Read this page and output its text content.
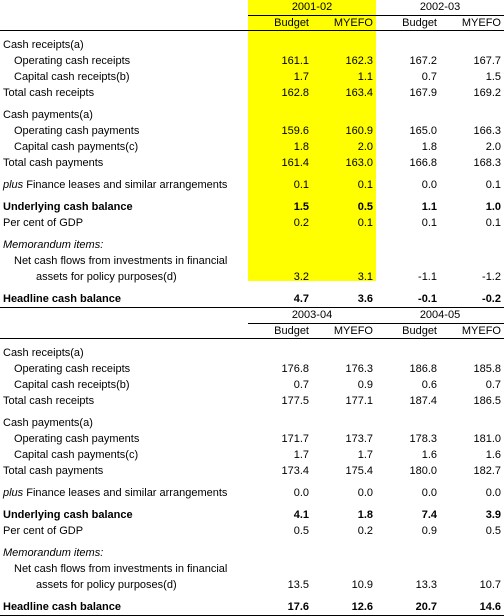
	2001-02		2002-03	
	Budget	MYEFO	Budget	MYEFO

Cash receipts(a)				
Operating cash receipts	161.1	162.3	167.2	167.7
Capital cash receipts(b)	1.7	1.1	0.7	1.5
Total cash receipts	162.8	163.4	167.9	169.2

Cash payments(a)				
Operating cash payments	159.6	160.9	165.0	166.3
Capital cash payments(c)	1.8	2.0	1.8	2.0
Total cash payments	161.4	163.0	166.8	168.3

plus Finance leases and similar arrangements	0.1	0.1	0.0	0.1

Underlying cash balance	1.5	0.5	1.1	1.0
Per cent of GDP	0.2	0.1	0.1	0.1

Memorandum items:				
Net cash flows from investments in financial				
assets for policy purposes(d)	3.2	3.1	-1.1	-1.2

Headline cash balance	4.7	3.6	-0.1	-0.2
	2003-04		2004-05	
	Budget	MYEFO	Budget	MYEFO

Cash receipts(a)				
Operating cash receipts	176.8	176.3	186.8	185.8
Capital cash receipts(b)	0.7	0.9	0.6	0.7
Total cash receipts	177.5	177.1	187.4	186.5

Cash payments(a)				
Operating cash payments	171.7	173.7	178.3	181.0
Capital cash payments(c)	1.7	1.7	1.6	1.6
Total cash payments	173.4	175.4	180.0	182.7

plus Finance leases and similar arrangements	0.0	0.0	0.0	0.0

Underlying cash balance	4.1	1.8	7.4	3.9
Per cent of GDP	0.5	0.2	0.9	0.5

Memorandum items:				
Net cash flows from investments in financial				
assets for policy purposes(d)	13.5	10.9	13.3	10.7

Headline cash balance	17.6	12.6	20.7	14.6
